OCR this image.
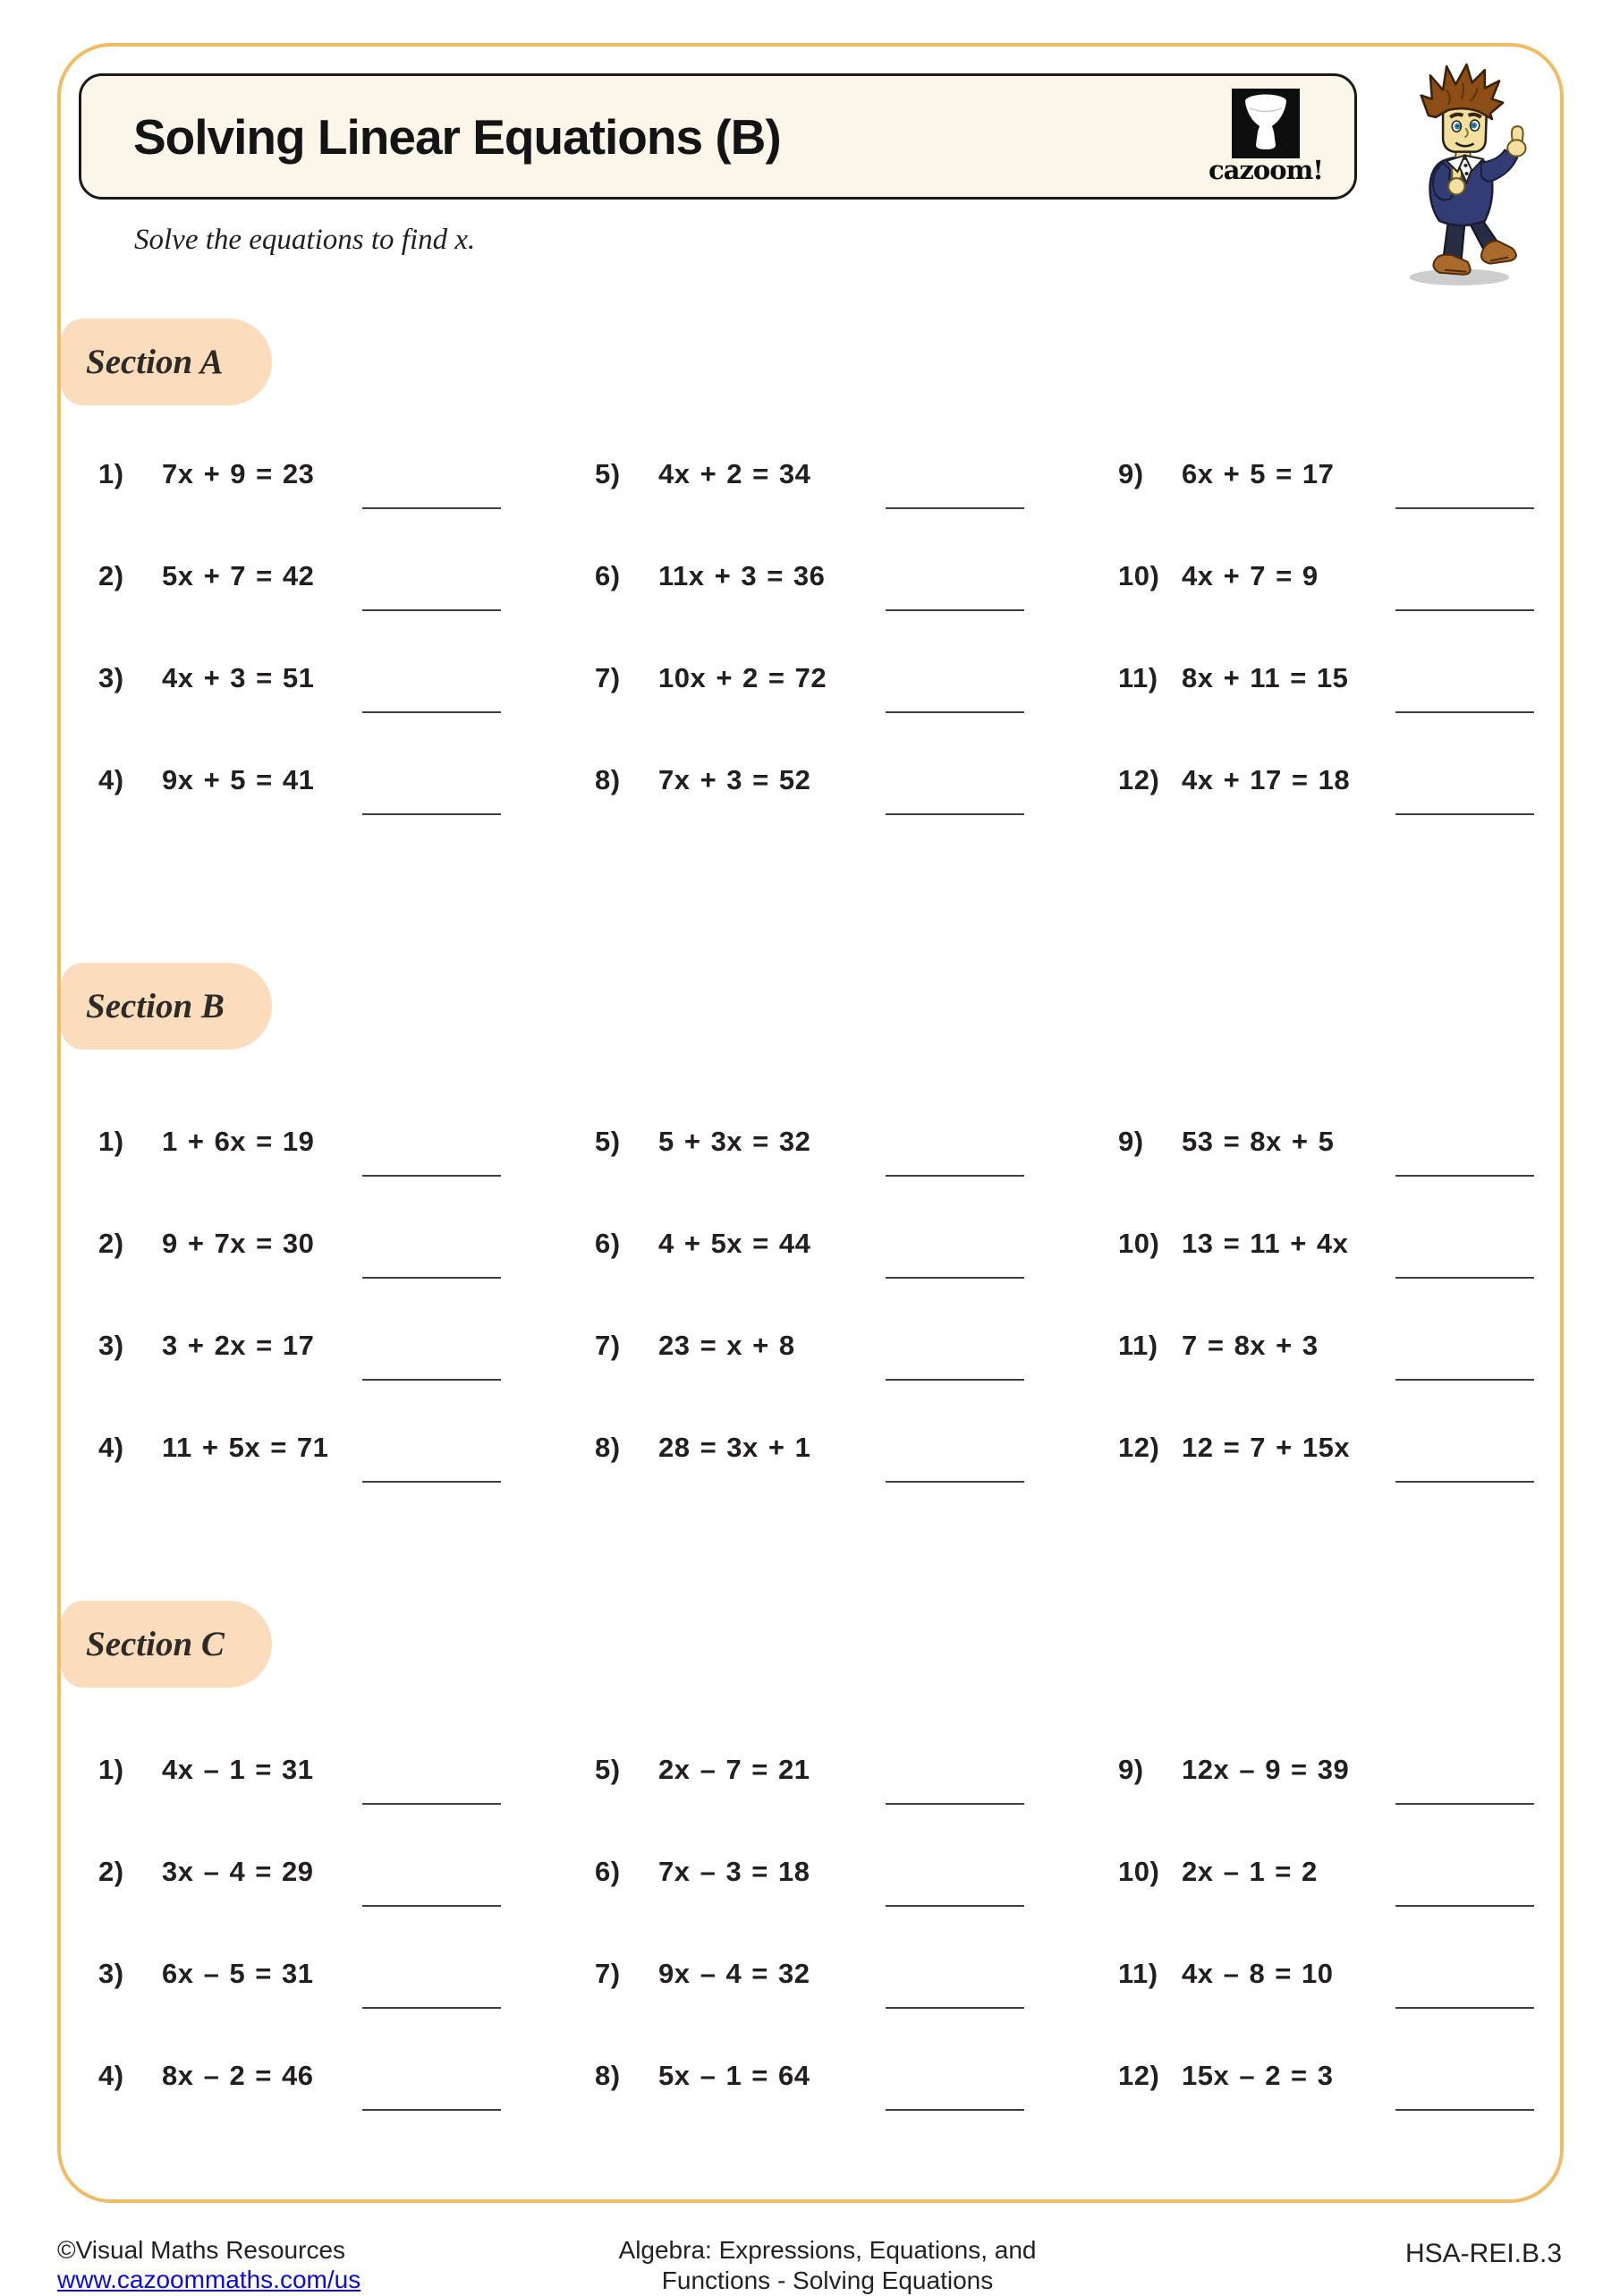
Solving Linear Equations (B)
cazoom!
Solve the equations to find x.
Section A
1)	7x + 9 = 23
2)	5x + 7 = 42
3)	4x + 3 = 51
4)	9x + 5 = 41
5)	4x + 2 = 34
6)	11x + 3 = 36
7)	10x + 2 = 72
8)	7x + 3 = 52
9)	6x + 5 = 17
10) 4x + 7 = 9
11) 8x + 11 = 15
12) 4x + 17 = 18
Section B
1)	1 + 6x = 19
2)	9 + 7x = 30
3)	3 + 2x = 17
4)	11 + 5x = 71
5)	5 + 3x = 32
6)	4 + 5x = 44
7)	23 = x + 8
8)	28 = 3x + 1
9)	53 = 8x + 5
10) 13 = 11 + 4x
11) 7 = 8x + 3
12) 12 = 7 + 15x
Section C
1)	4x – 1 = 31
2)	3x – 4 = 29
3)	6x – 5 = 31
4)	8x – 2 = 46
5)	2x – 7 = 21
6)	7x – 3 = 18
7)	9x – 4 = 32
8)	5x – 1 = 64
9)	12x – 9 = 39
10) 2x – 1 = 2
11) 4x – 8 = 10
12) 15x – 2 = 3
©Visual Maths Resources
www.cazoommaths.com/us
Algebra: Expressions, Equations, and
Functions - Solving Equations
HSA-REI.B.3
